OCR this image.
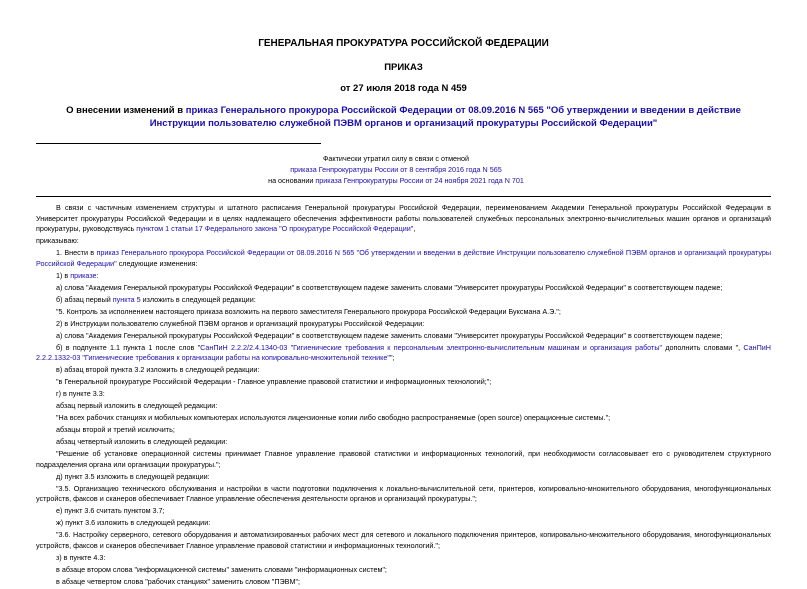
ГЕНЕРАЛЬНАЯ ПРОКУРАТУРА РОССИЙСКОЙ ФЕДЕРАЦИИ
ПРИКАЗ
от 27 июля 2018 года N 459
О внесении изменений в приказ Генерального прокурора Российской Федерации от 08.09.2016 N 565 "Об утверждении и введении в действие Инструкции пользователю служебной ПЭВМ органов и организаций прокуратуры Российской Федерации"
Фактически утратил силу в связи с отменой
приказа Генпрокуратуры России от 8 сентября 2016 года N 565
на основании приказа Генпрокуратуры России от 24 ноября 2021 года N 701

В связи с частичным изменением структуры и штатного расписания Генеральной прокуратуры Российской Федерации, переименованием Академии Генеральной прокуратуры Российской Федерации в Университет прокуратуры Российской Федерации и в целях надлежащего обеспечения эффективности работы пользователей служебных персональных электронно-вычислительных машин органов и организаций прокуратуры, руководствуясь пунктом 1 статьи 17 Федерального закона "О прокуратуре Российской Федерации",

приказываю:

1. Внести в приказ Генерального прокурора Российской Федерации от 08.09.2016 N 565 "Об утверждении и введении в действие Инструкции пользователю служебной ПЭВМ органов и организаций прокуратуры Российской Федерации" следующие изменения:

1) в приказе:

а) слова "Академия Генеральной прокуратуры Российской Федерации" в соответствующем падеже заменить словами "Университет прокуратуры Российской Федерации" в соответствующем падеже;

б) абзац первый пункта 5 изложить в следующей редакции:

"5. Контроль за исполнением настоящего приказа возложить на первого заместителя Генерального прокурора Российской Федерации Буксмана А.Э.";

2) в Инструкции пользователю служебной ПЭВМ органов и организаций прокуратуры Российской Федерации:

а) слова "Академия Генеральной прокуратуры Российской Федерации" в соответствующем падеже заменить словами "Университет прокуратуры Российской Федерации" в соответствующем падеже;

б) в подпункте 1.1 пункта 1 после слов "СанПиН 2.2.2/2.4.1340-03 "Гигиенические требования к персональным электронно-вычислительным машинам и организация работы" дополнить словами ", СанПиН 2.2.2.1332-03 "Гигиенические требования к организации работы на копировально-множительной технике"";

в) абзац второй пункта 3.2 изложить в следующей редакции:

"в Генеральной прокуратуре Российской Федерации - Главное управление правовой статистики и информационных технологий;";

г) в пункте 3.3:

абзац первый изложить в следующей редакции:

"На всех рабочих станциях и мобильных компьютерах используются лицензионные копии либо свободно распространяемые (open source) операционные системы.";

абзацы второй и третий исключить;

абзац четвертый изложить в следующей редакции:

"Решение об установке операционной системы принимает Главное управление правовой статистики и информационных технологий, при необходимости согласовывает его с руководителем структурного подразделения органа или организации прокуратуры.";

д) пункт 3.5 изложить в следующей редакции:

"3.5. Организацию технического обслуживания и настройки в части подготовки подключения к локально-вычислительной сети, принтеров, копировально-множительного оборудования, многофункциональных устройств, факсов и сканеров обеспечивает Главное управление обеспечения деятельности органов и организаций прокуратуры.";

е) пункт 3.6 считать пунктом 3.7;

ж) пункт 3.6 изложить в следующей редакции:

"3.6. Настройку серверного, сетевого оборудования и автоматизированных рабочих мест для сетевого и локального подключения принтеров, копировально-множительного оборудования, многофункциональных устройств, факсов и сканеров обеспечивает Главное управление правовой статистики и информационных технологий.";

з) в пункте 4.3:

в абзаце втором слова "информационной системы" заменить словами "информационных систем";

в абзаце четвертом слова "рабочих станциях" заменить словом "ПЭВМ";
